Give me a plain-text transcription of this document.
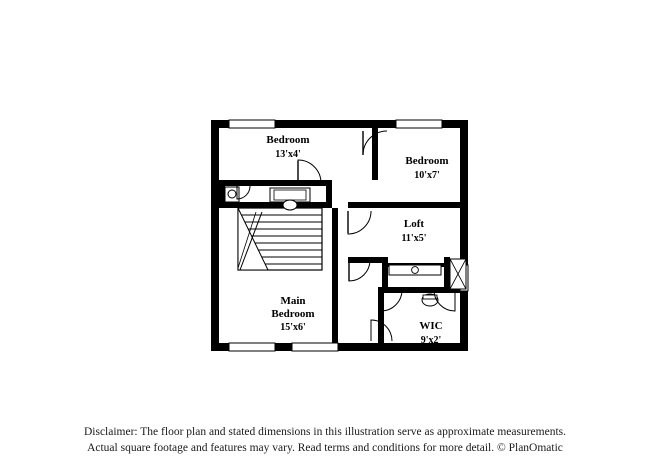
Bedroom
13'x4'
Bedroom
10'x7'
Loft
11'x5'
Main
Bedroom
15'x6'	WIC
9'x2'
Disclaimer: The floor plan and stated dimensions in this illustration serve as approximate measurements.
Actual square footage and features may vary. Read terms and conditions for more detail. © PlanOmatic
